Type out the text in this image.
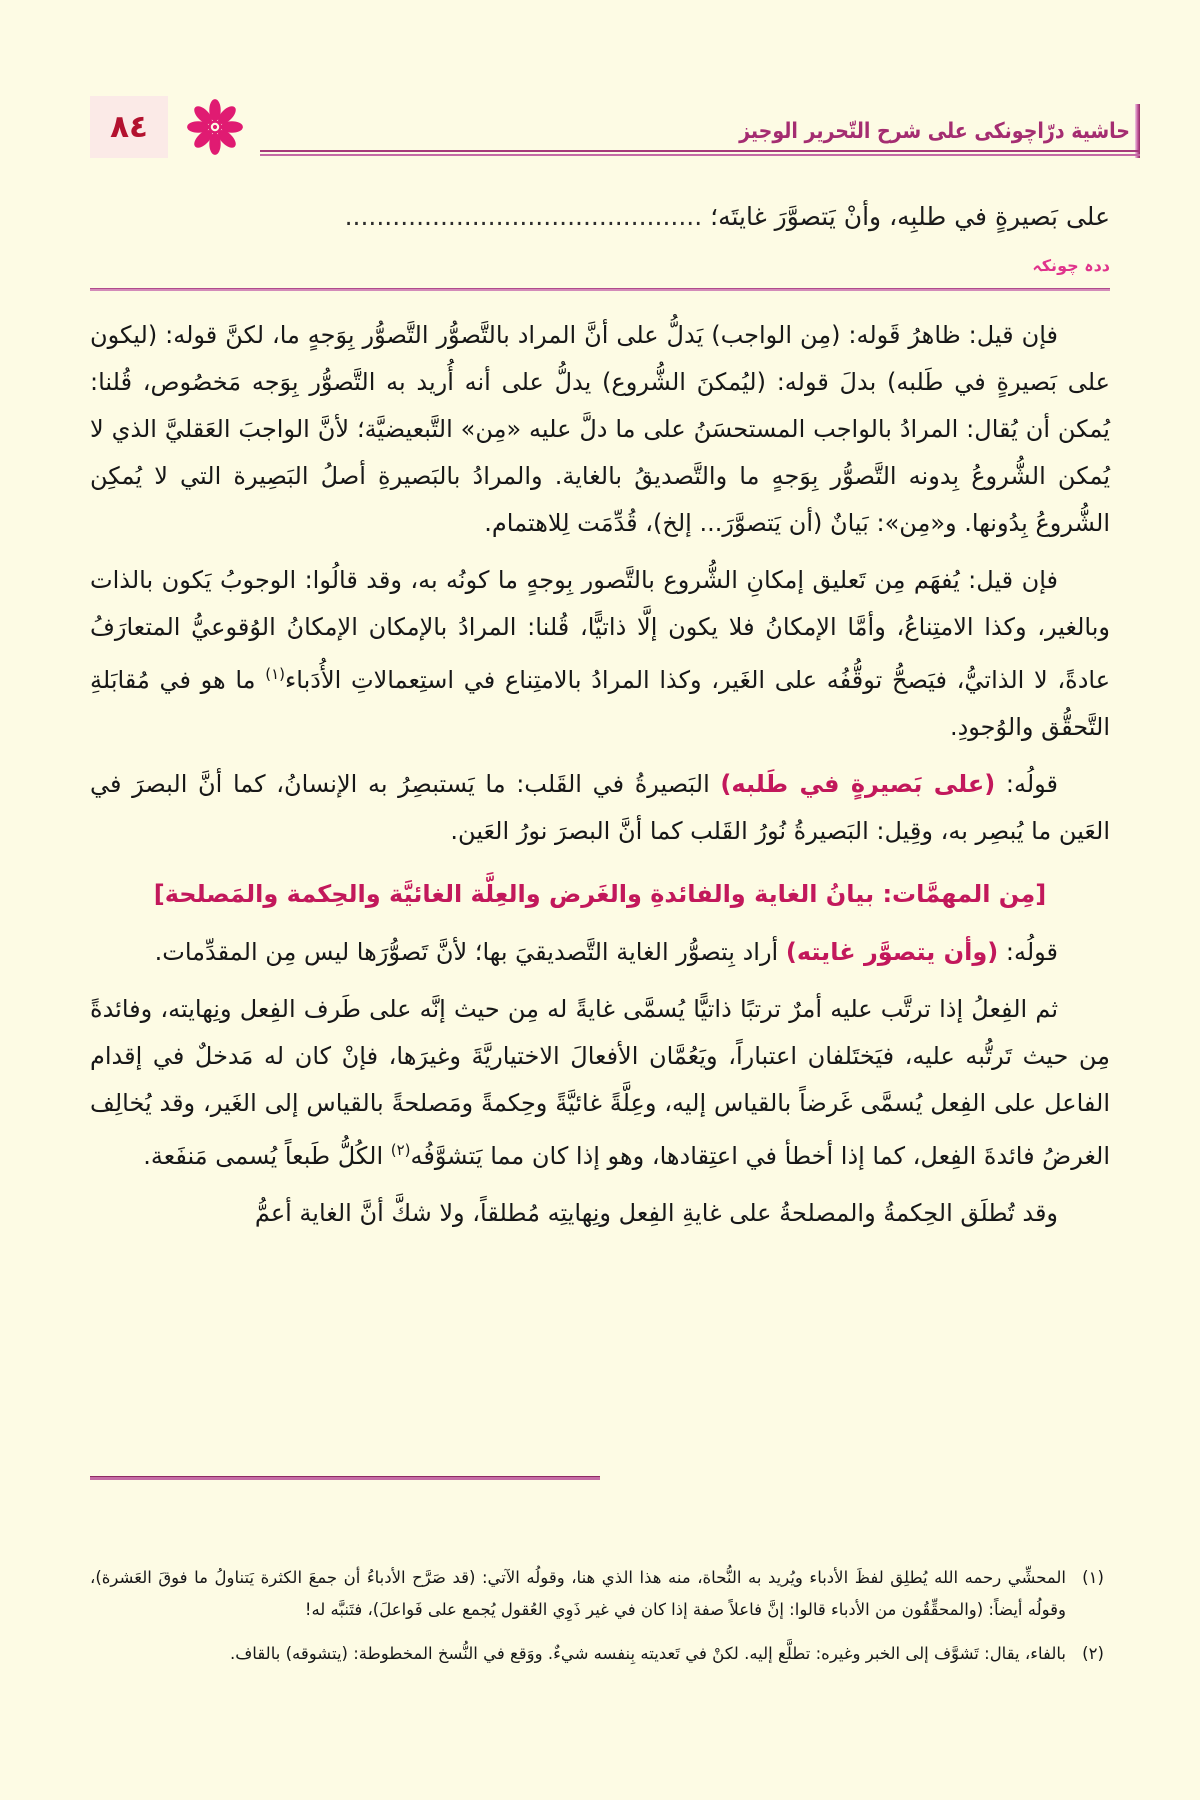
٨٤	حاشية درّاچونكى على شرح التّحرير الوجيز
على بَصيرةٍ في طلبِه، وأنْ يَتصوَّرَ غايتَه؛ .............................................
ددہ چونكہ

فإن قيل: ظاهرُ قَوله: (مِن الواجب) يَدلُّ على أنَّ المراد بالتَّصوُّر التَّصوُّر بِوَجهٍ ما، لكنَّ قوله: (ليكون على بَصيرةٍ في طَلبه) بدلَ قوله: (ليُمكنَ الشُّروع) يدلُّ على أنه أُريد به التَّصوُّر بِوَجه مَخصُوص، قُلنا: يُمكن أن يُقال: المرادُ بالواجب المستحسَنُ على ما دلَّ عليه «مِن» التَّبعيضيَّة؛ لأنَّ الواجبَ العَقليَّ الذي لا يُمكن الشُّروعُ بِدونه التَّصوُّر بِوَجهٍ ما والتَّصديقُ بالغاية. والمرادُ بالبَصيرةِ أصلُ البَصِيرة التي لا يُمكِن الشُّروعُ بِدُونها. و«مِن»: بَيانٌ (أن يَتصوَّرَ... إلخ)، قُدِّمَت لِلاهتمام.

فإن قيل: يُفهَم مِن تَعليق إمكانِ الشُّروع بالتَّصور بِوجهٍ ما كونُه به، وقد قالُوا: الوجوبُ يَكون بالذات وبالغير، وكذا الامتِناعُ، وأمَّا الإمكانُ فلا يكون إلَّا ذاتيًّا، قُلنا: المرادُ بالإمكان الإمكانُ الوُقوعيُّ المتعارَفُ عادةً، لا الذاتيُّ، فيَصحُّ توقُّفُه على الغَير، وكذا المرادُ بالامتِناع في استِعمالاتِ الأُدَباء$^{(١)}$ ما هو في مُقابَلةِ التَّحقُّق والوُجودِ.

قولُه: (على بَصيرةٍ في طَلبه) البَصيرةُ في القَلب: ما يَستبصِرُ به الإنسانُ، كما أنَّ البصرَ في العَين ما يُبصِر به، وقِيل: البَصيرةُ نُورُ القَلب كما أنَّ البصرَ نورُ العَين.

[مِن المهمَّات: بيانُ الغاية والفائدةِ والغَرض والعِلَّة الغائيَّة والحِكمة والمَصلحة]

قولُه: (وأن يتصوَّر غايته) أراد بِتصوُّر الغاية التَّصديقيَ بها؛ لأنَّ تَصوُّرَها ليس مِن المقدِّمات.

ثم الفِعلُ إذا ترتَّب عليه أمرٌ ترتبًا ذاتيًّا يُسمَّى غايةً له مِن حيث إنَّه على طَرف الفِعل ونِهايته، وفائدةً مِن حيث تَرتُّبه عليه، فيَختَلفان اعتباراً، ويَعُمَّان الأفعالَ الاختياريَّةَ وغيرَها، فإنْ كان له مَدخلٌ في إقدام الفاعل على الفِعل يُسمَّى غَرضاً بالقياس إليه، وعِلَّةً غائيَّةً وحِكمةً ومَصلحةً بالقياس إلى الغَير، وقد يُخالِف الغرضُ فائدةَ الفِعل، كما إذا أخطأ في اعتِقادها، وهو إذا كان مما يَتشوَّفُه$^{(٢)}$ الكُلُّ طَبعاً يُسمى مَنفَعة.

وقد تُطلَق الحِكمةُ والمصلحةُ على غايةِ الفِعل ونِهايتِه مُطلقاً، ولا شكَّ أنَّ الغاية أعمُّ

(١)
المحشِّي رحمه الله يُطلِق لفظَ الأدباء ويُريد به النُّحاة، منه هذا الذي هنا، وقولُه الآتي: (قد صَرَّح الأدباءُ أن جمعَ الكثرة يَتناولُ ما فوقَ العَشرة)، وقولُه أيضاً: (والمحقِّقُون من الأدباء قالوا: إنَّ فاعلاً صفة إذا كان في غير ذَوِي العُقول يُجمع على فَواعلَ)، فتَنبَّه له!
(٢)
بالفاء، يقال: تَشوَّف إلى الخبر وغيره: تطلَّع إليه. لكنْ في تَعديته بِنفسه شيءٌ. ووَقع في النُّسخ المخطوطة: (يتشوقه) بالقاف.
